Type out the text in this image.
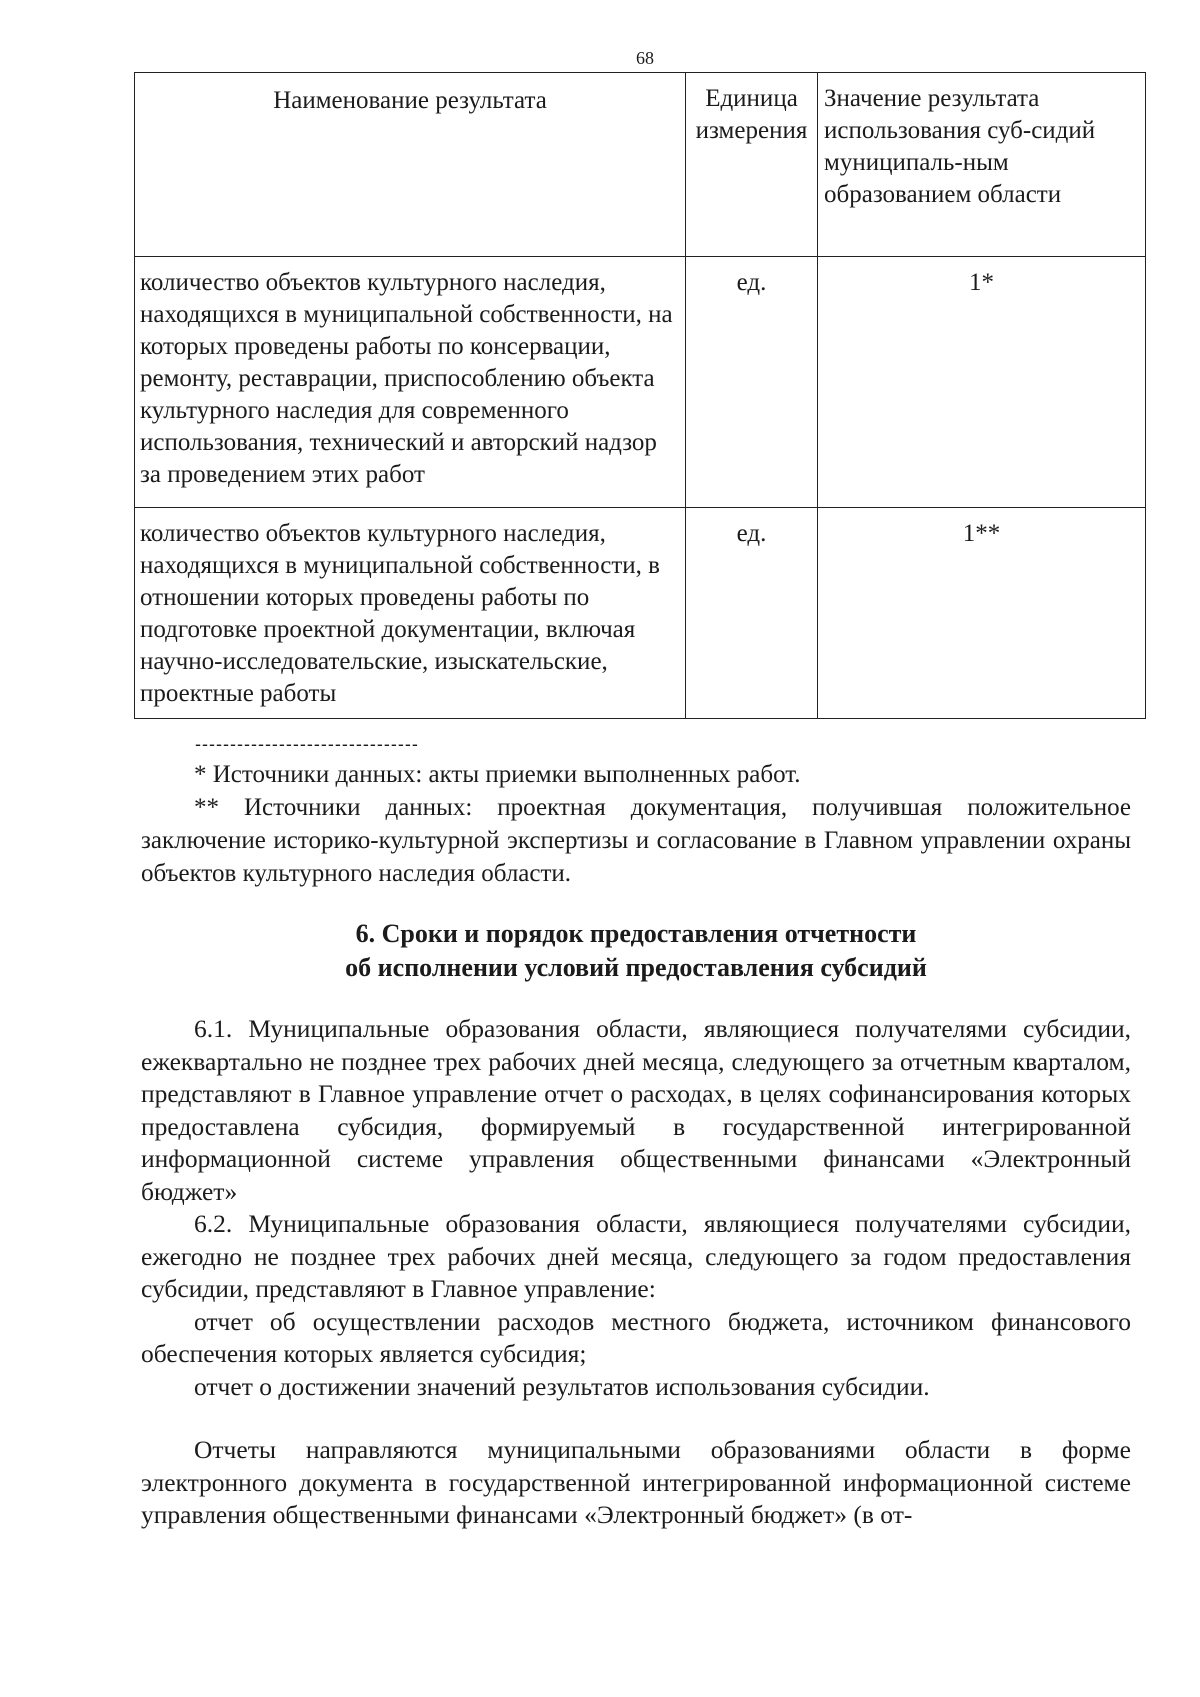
68
Наименование результата	Единица измерения	Значение результата использования суб-сидий муниципаль-ным образованием области
количество объектов культурного наследия, находящихся в муниципальной собственности, на которых проведены работы по консервации, ремонту, реставрации, приспособлению объекта культурного наследия для современного использования, технический и авторский надзор за проведением этих работ	ед.	1*
количество объектов культурного наследия, находящихся в муниципальной собственности, в отношении которых проведены работы по подготовке проектной документации, включая научно-исследовательские, изыскательские, проектные работы	ед.	1**
--------------------------------

* Источники данных: акты приемки выполненных работ.

** Источники данных: проектная документация, получившая положительное заключение историко-культурной экспертизы и согласование в Главном управлении охраны объектов культурного наследия области.

6. Сроки и порядок предоставления отчетности
об исполнении условий предоставления субсидий

6.1. Муниципальные образования области, являющиеся получателями субсидии, ежеквартально не позднее трех рабочих дней месяца, следующего за отчетным кварталом, представляют в Главное управление отчет о расходах, в целях софинансирования которых предоставлена субсидия, формируемый в государственной интегрированной информационной системе управления общественными финансами «Электронный бюджет»

6.2. Муниципальные образования области, являющиеся получателями субсидии, ежегодно не позднее трех рабочих дней месяца, следующего за годом предоставления субсидии, представляют в Главное управление:

отчет об осуществлении расходов местного бюджета, источником финансового обеспечения которых является субсидия;

отчет о достижении значений результатов использования субсидии.

Отчеты направляются муниципальными образованиями области в форме электронного документа в государственной интегрированной информационной системе управления общественными финансами «Электронный бюджет» (в от-
